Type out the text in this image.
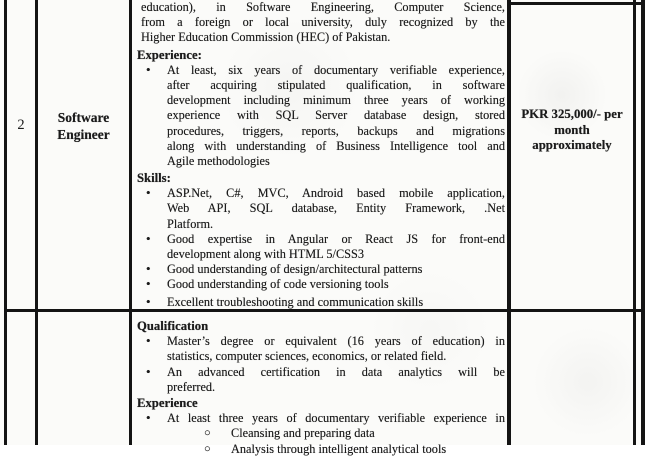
2	Software
Engineer
education), in Software Engineering, Computer Science,
from a foreign or local university, duly recognized by the
Higher Education Commission (HEC) of Pakistan.
Experience:
• At least, six years of documentary verifiable experience,
after acquiring stipulated qualification, in software
development including minimum three years of working
experience with SQL Server database design, stored
procedures, triggers, reports, backups and migrations
along with understanding of Business Intelligence tool and
Agile methodologies
Skills:
• ASP.Net, C#, MVC, Android based mobile application,
Web API, SQL database, Entity Framework, .Net
Platform.
• Good expertise in Angular or React JS for front-end
development along with HTML 5/CSS3
• Good understanding of design/architectural patterns
• Good understanding of code versioning tools
• Excellent troubleshooting and communication skills
PKR 325,000/- per
month
approximately
Qualification
• Master’s degree or equivalent (16 years of education) in
statistics, computer sciences, economics, or related field.
• An advanced certification in data analytics will be
preferred.
Experience
• At least three years of documentary verifiable experience in
○ Cleansing and preparing data
○ Analysis through intelligent analytical tools
